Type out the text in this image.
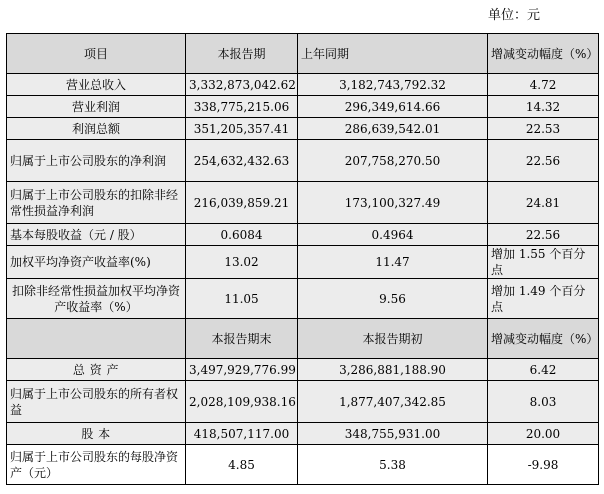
单位：元
项目	本报告期	上年同期	增减变动幅度（%）
营业总收入	3,332,873,042.62	3,182,743,792.32	4.72
营业利润	338,775,215.06	296,349,614.66	14.32
利润总额	351,205,357.41	286,639,542.01	22.53
归属于上市公司股东的净利润	254,632,432.63	207,758,270.50	22.56
归属于上市公司股东的扣除非经常性损益净利润	216,039,859.21	173,100,327.49	24.81
基本每股收益（元 / 股）	0.6084	0.4964	22.56
加权平均净资产收益率(%)	13.02	11.47	增加 1.55 个百分点
扣除非经常性损益加权平均净资产收益率（%）	11.05	9.56	增加 1.49 个百分点
	本报告期末	本报告期初	增减变动幅度（%）
总 资 产	3,497,929,776.99	3,286,881,188.90	6.42
归属于上市公司股东的所有者权益	2,028,109,938.16	1,877,407,342.85	8.03
股 本	418,507,117.00	348,755,931.00	20.00
归属于上市公司股东的每股净资产（元）	4.85	5.38	-9.98
